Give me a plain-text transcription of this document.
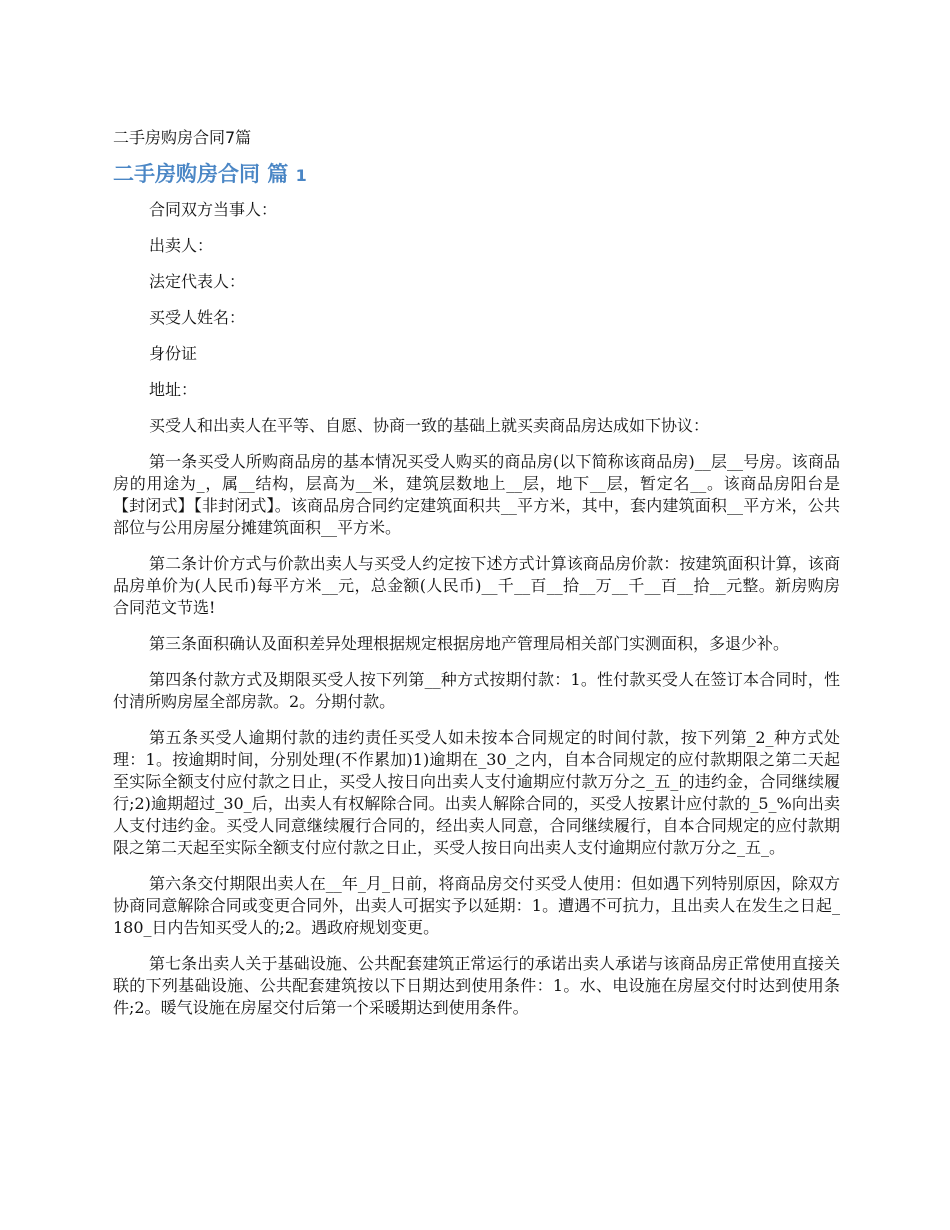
二手房购房合同7篇
二手房购房合同 篇 1

合同双方当事人：

出卖人：

法定代表人：

买受人姓名：

身份证

地址：

买受人和出卖人在平等、自愿、协商一致的基础上就买卖商品房达成如下协议：

第一条买受人所购商品房的基本情况买受人购买的商品房(以下简称该商品房)__层__号房。该商品房的用途为_，属__结构，层高为__米，建筑层数地上__层，地下__层，暂定名__。该商品房阳台是【封闭式】【非封闭式】。该商品房合同约定建筑面积共__平方米，其中，套内建筑面积__平方米，公共部位与公用房屋分摊建筑面积__平方米。

第二条计价方式与价款出卖人与买受人约定按下述方式计算该商品房价款：按建筑面积计算，该商品房单价为(人民币)每平方米__元，总金额(人民币)__千__百__拾__万__千__百__拾__元整。新房购房合同范文节选!

第三条面积确认及面积差异处理根据规定根据房地产管理局相关部门实测面积，多退少补。

第四条付款方式及期限买受人按下列第__种方式按期付款：1。性付款买受人在签订本合同时，性付清所购房屋全部房款。2。分期付款。

第五条买受人逾期付款的违约责任买受人如未按本合同规定的时间付款，按下列第_2_种方式处理：1。按逾期时间，分别处理(不作累加)1)逾期在_30_之内，自本合同规定的应付款期限之第二天起至实际全额支付应付款之日止，买受人按日向出卖人支付逾期应付款万分之_五_的违约金，合同继续履行;2)逾期超过_30_后，出卖人有权解除合同。出卖人解除合同的，买受人按累计应付款的_5_%向出卖人支付违约金。买受人同意继续履行合同的，经出卖人同意，合同继续履行，自本合同规定的应付款期限之第二天起至实际全额支付应付款之日止，买受人按日向出卖人支付逾期应付款万分之_五_。

第六条交付期限出卖人在__年_月_日前，将商品房交付买受人使用：但如遇下列特别原因，除双方协商同意解除合同或变更合同外，出卖人可据实予以延期：1。遭遇不可抗力，且出卖人在发生之日起_180_日内告知买受人的;2。遇政府规划变更。

第七条出卖人关于基础设施、公共配套建筑正常运行的承诺出卖人承诺与该商品房正常使用直接关联的下列基础设施、公共配套建筑按以下日期达到使用条件：1。水、电设施在房屋交付时达到使用条件;2。暖气设施在房屋交付后第一个采暖期达到使用条件。
